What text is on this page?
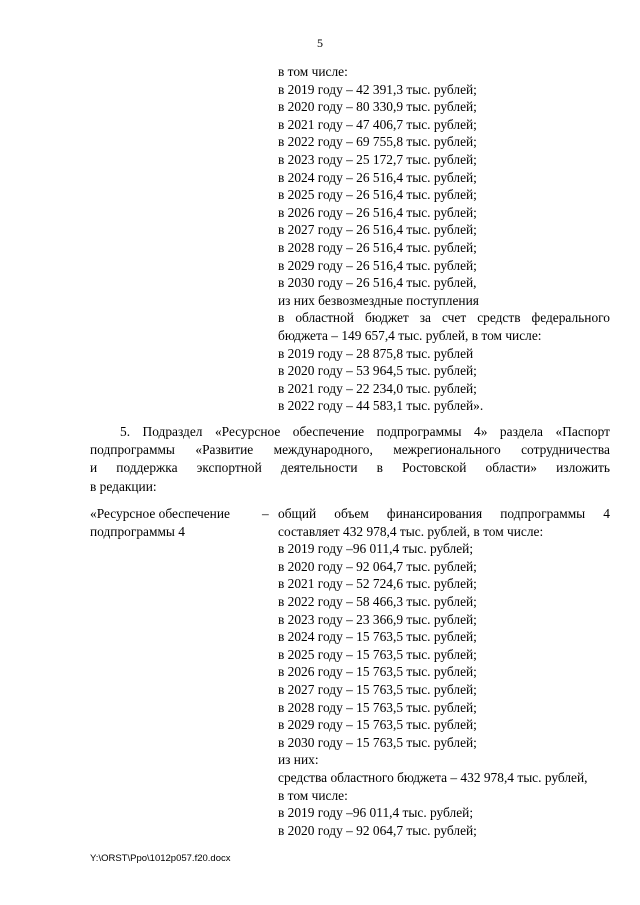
5
в том числе:
в 2019 году – 42 391,3 тыс. рублей;
в 2020 году – 80 330,9 тыс. рублей;
в 2021 году – 47 406,7 тыс. рублей;
в 2022 году – 69 755,8 тыс. рублей;
в 2023 году – 25 172,7 тыс. рублей;
в 2024 году – 26 516,4 тыс. рублей;
в 2025 году – 26 516,4 тыс. рублей;
в 2026 году – 26 516,4 тыс. рублей;
в 2027 году – 26 516,4 тыс. рублей;
в 2028 году – 26 516,4 тыс. рублей;
в 2029 году – 26 516,4 тыс. рублей;
в 2030 году – 26 516,4 тыс. рублей,
из них безвозмездные поступления
в областной бюджет за счет средств федерального
бюджета – 149 657,4 тыс. рублей, в том числе:
в 2019 году – 28 875,8 тыс. рублей
в 2020 году – 53 964,5 тыс. рублей;
в 2021 году – 22 234,0 тыс. рублей;
в 2022 году – 44 583,1 тыс. рублей».
5. Подраздел «Ресурсное обеспечение подпрограммы 4» раздела «Паспорт
подпрограммы «Развитие международного, межрегионального сотрудничества
и поддержка экспортной деятельности в Ростовской области» изложить
в редакции:
«Ресурсное обеспечение
подпрограммы 4
– общий объем финансирования подпрограммы 4
составляет 432 978,4 тыс. рублей, в том числе:
в 2019 году –96 011,4 тыс. рублей;
в 2020 году – 92 064,7 тыс. рублей;
в 2021 году – 52 724,6 тыс. рублей;
в 2022 году – 58 466,3 тыс. рублей;
в 2023 году – 23 366,9 тыс. рублей;
в 2024 году – 15 763,5 тыс. рублей;
в 2025 году – 15 763,5 тыс. рублей;
в 2026 году – 15 763,5 тыс. рублей;
в 2027 году – 15 763,5 тыс. рублей;
в 2028 году – 15 763,5 тыс. рублей;
в 2029 году – 15 763,5 тыс. рублей;
в 2030 году – 15 763,5 тыс. рублей;
из них:
средства областного бюджета – 432 978,4 тыс. рублей,
в том числе:
в 2019 году –96 011,4 тыс. рублей;
в 2020 году – 92 064,7 тыс. рублей;
Y:\ORST\Ppo\1012p057.f20.docx
